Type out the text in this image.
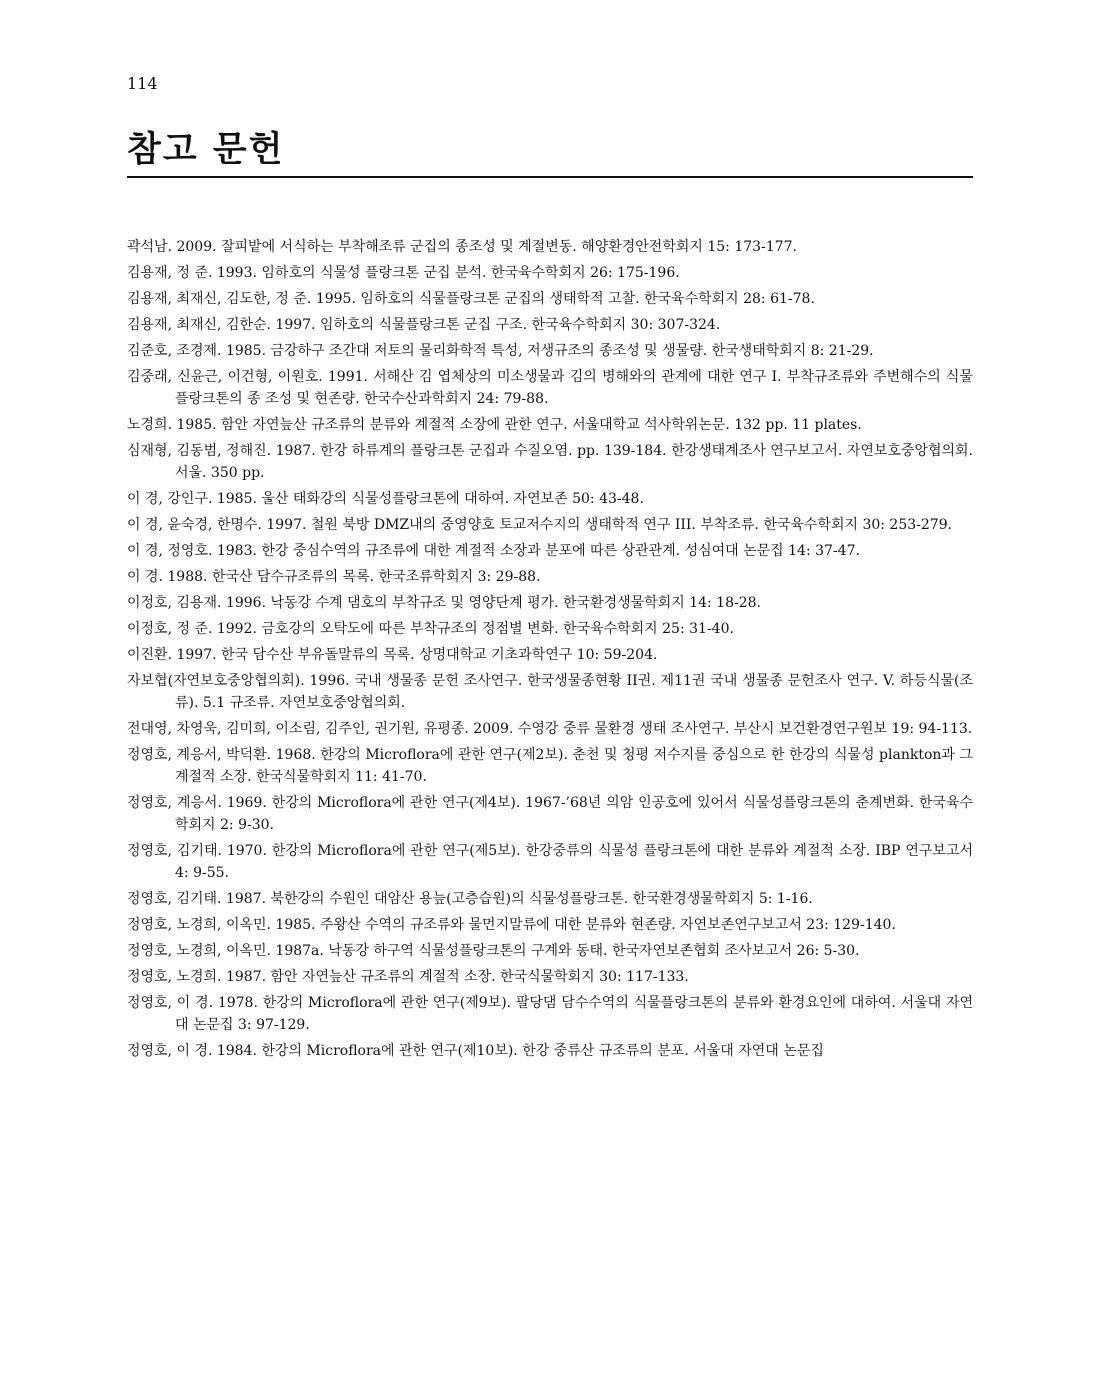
114
참고 문헌
곽석남. 2009. 잘피밭에 서식하는 부착해조류 군집의 종조성 및 계절변동. 해양환경안전학회지 15: 173-177.
김용재, 정 준. 1993. 임하호의 식물성 플랑크톤 군집 분석. 한국육수학회지 26: 175-196.
김용재, 최재신, 김도한, 정 준. 1995. 임하호의 식물플랑크톤 군집의 생태학적 고찰. 한국육수학회지 28: 61-78.
김용재, 최재신, 김한순. 1997. 임하호의 식물플랑크톤 군집 구조. 한국육수학회지 30: 307-324.
김준호, 조경제. 1985. 금강하구 조간대 저토의 물리화학적 특성, 저생규조의 종조성 및 생물량. 한국생태학회지 8: 21-29.
김중래, 신윤근, 이건형, 이원호. 1991. 서해산 김 엽체상의 미소생물과 김의 병해와의 관계에 대한 연구 I. 부착규조류와 주변해수의 식물플랑크톤의 종 조성 및 현존량. 한국수산과학회지 24: 79-88.
노경희. 1985. 함안 자연늪산 규조류의 분류와 계절적 소장에 관한 연구. 서울대학교 석사학위논문. 132 pp. 11 plates.
심재형, 김동범, 정해진. 1987. 한강 하류계의 플랑크톤 군집과 수질오염. pp. 139-184. 한강생태계조사 연구보고서. 자연보호중앙협의회. 서울. 350 pp.
이 경, 강인구. 1985. 울산 태화강의 식물성플랑크톤에 대하여. 자연보존 50: 43-48.
이 경, 윤숙경, 한명수. 1997. 철원 북방 DMZ내의 중영양호 토교저수지의 생태학적 연구 III. 부착조류. 한국육수학회지 30: 253-279.
이 경, 정영호. 1983. 한강 중심수역의 규조류에 대한 계절적 소장과 분포에 따른 상관관계. 성심여대 논문집 14: 37-47.
이 경. 1988. 한국산 담수규조류의 목록. 한국조류학회지 3: 29-88.
이정호, 김용재. 1996. 낙동강 수계 댐호의 부착규조 및 영양단계 평가. 한국환경생물학회지 14: 18-28.
이정호, 정 준. 1992. 금호강의 오탁도에 따른 부착규조의 정점별 변화. 한국육수학회지 25: 31-40.
이진환. 1997. 한국 담수산 부유돌말류의 목록. 상명대학교 기초과학연구 10: 59-204.
자보협(자연보호중앙협의회). 1996. 국내 생물종 문헌 조사연구. 한국생물종현황 II권. 제11권 국내 생물종 문헌조사 연구. V. 하등식물(조류). 5.1 규조류. 자연보호중앙협의회.
전대영, 차영욱, 김미희, 이소림, 김주인, 권기원, 유평종. 2009. 수영강 중류 물환경 생태 조사연구. 부산시 보건환경연구원보 19: 94-113.
정영호, 계응서, 박덕환. 1968. 한강의 Microflora에 관한 연구(제2보). 춘천 및 청평 저수지를 중심으로 한 한강의 식물성 plankton과 그 계절적 소장. 한국식물학회지 11: 41-70.
정영호, 계응서. 1969. 한강의 Microflora에 관한 연구(제4보). 1967-’68년 의암 인공호에 있어서 식물성플랑크톤의 춘계변화. 한국육수학회지 2: 9-30.
정영호, 김기태. 1970. 한강의 Microflora에 관한 연구(제5보). 한강중류의 식물성 플랑크톤에 대한 분류와 계절적 소장. IBP 연구보고서 4: 9-55.
정영호, 김기태. 1987. 북한강의 수원인 대암산 용늪(고층습원)의 식물성플랑크톤. 한국환경생물학회지 5: 1-16.
정영호, 노경희, 이옥민. 1985. 주왕산 수역의 규조류와 물먼지말류에 대한 분류와 현존량. 자연보존연구보고서 23: 129-140.
정영호, 노경희, 이옥민. 1987a. 낙동강 하구역 식물성플랑크톤의 구계와 동태. 한국자연보존협회 조사보고서 26: 5-30.
정영호, 노경희. 1987. 함안 자연늪산 규조류의 계절적 소장. 한국식물학회지 30: 117-133.
정영호, 이 경. 1978. 한강의 Microflora에 관한 연구(제9보). 팔당댐 담수수역의 식물플랑크톤의 분류와 환경요인에 대하여. 서울대 자연대 논문집 3: 97-129.
정영호, 이 경. 1984. 한강의 Microflora에 관한 연구(제10보). 한강 중류산 규조류의 분포. 서울대 자연대 논문집
